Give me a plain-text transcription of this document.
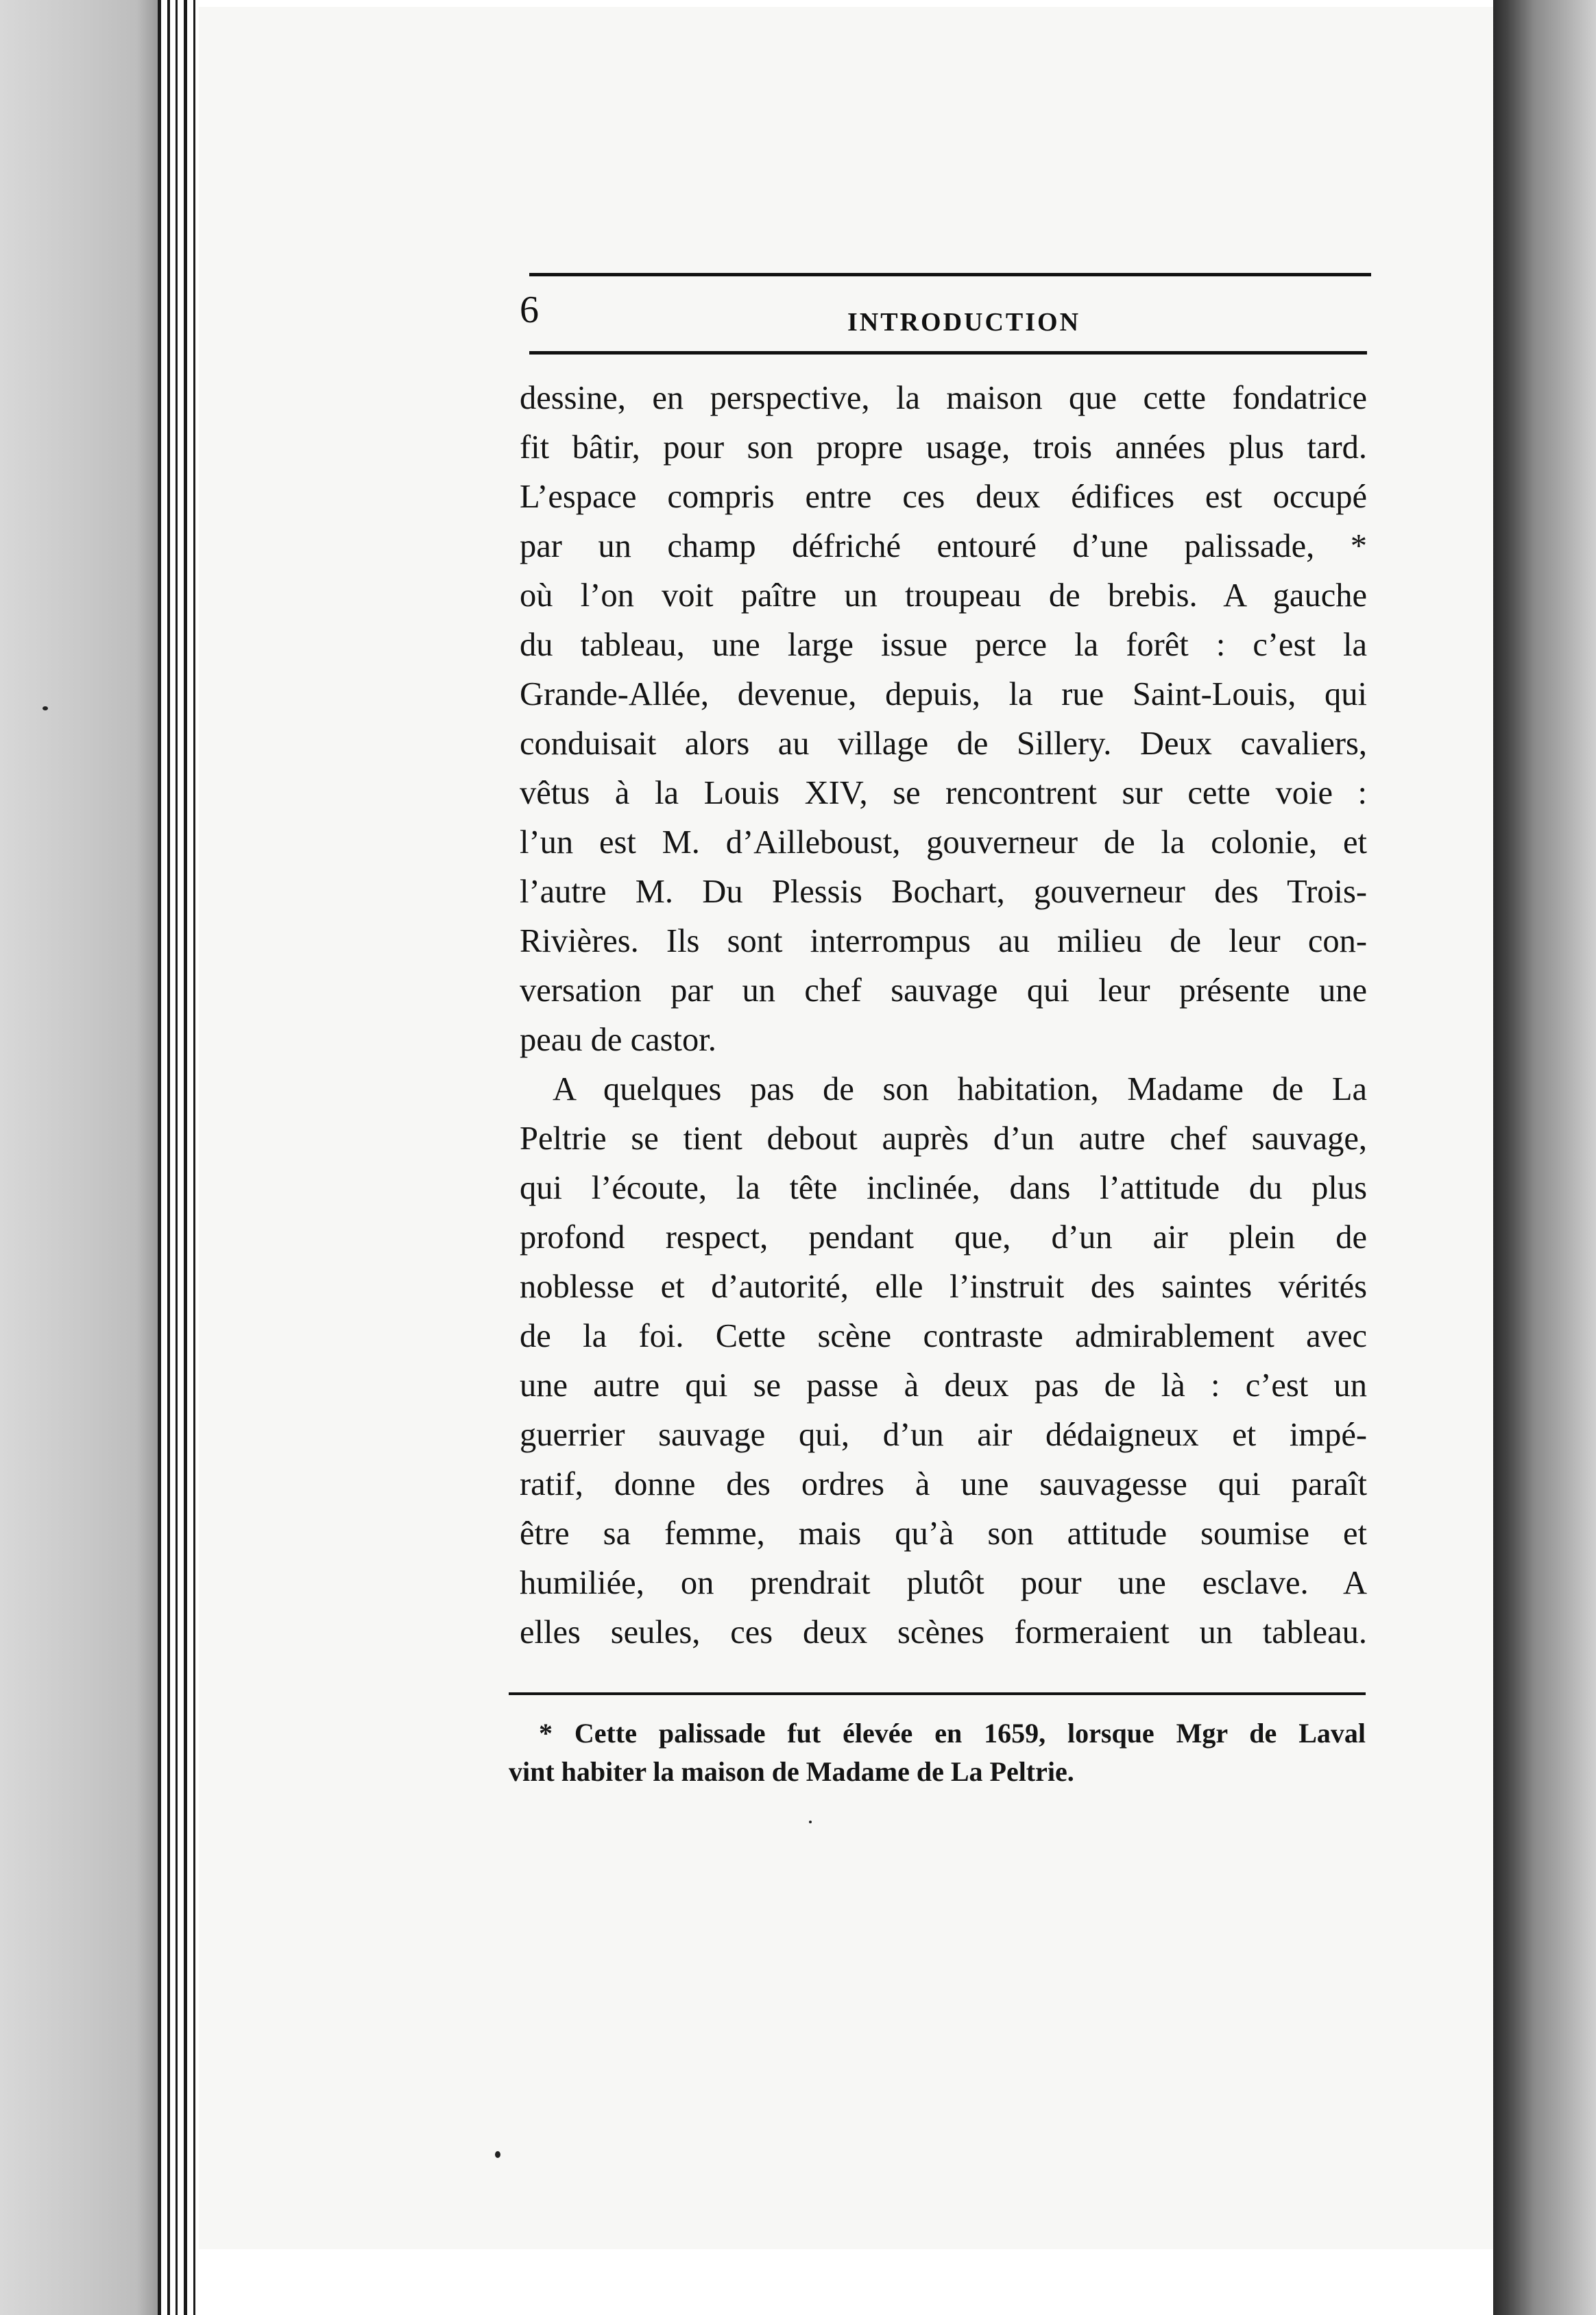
6	INTRODUCTION
dessine, en perspective, la maison que cette fondatrice
fit bâtir, pour son propre usage, trois années plus tard.
L’espace compris entre ces deux édifices est occupé
par un champ défriché entouré d’une palissade, *
où l’on voit paître un troupeau de brebis. A gauche
du tableau, une large issue perce la forêt : c’est la
Grande-Allée, devenue, depuis, la rue Saint-Louis, qui
conduisait alors au village de Sillery. Deux cavaliers,
vêtus à la Louis XIV, se rencontrent sur cette voie :
l’un est M. d’Ailleboust, gouverneur de la colonie, et
l’autre M. Du Plessis Bochart, gouverneur des Trois-
Rivières. Ils sont interrompus au milieu de leur con-
versation par un chef sauvage qui leur présente une
peau de castor.
A quelques pas de son habitation, Madame de La
Peltrie se tient debout auprès d’un autre chef sauvage,
qui l’écoute, la tête inclinée, dans l’attitude du plus
profond respect, pendant que, d’un air plein de
noblesse et d’autorité, elle l’instruit des saintes vérités
de la foi. Cette scène contraste admirablement avec
une autre qui se passe à deux pas de là : c’est un
guerrier sauvage qui, d’un air dédaigneux et impé-
ratif, donne des ordres à une sauvagesse qui paraît
être sa femme, mais qu’à son attitude soumise et
humiliée, on prendrait plutôt pour une esclave. A
elles seules, ces deux scènes formeraient un tableau.
* Cette palissade fut élevée en 1659, lorsque Mgr de Laval
vint habiter la maison de Madame de La Peltrie.
